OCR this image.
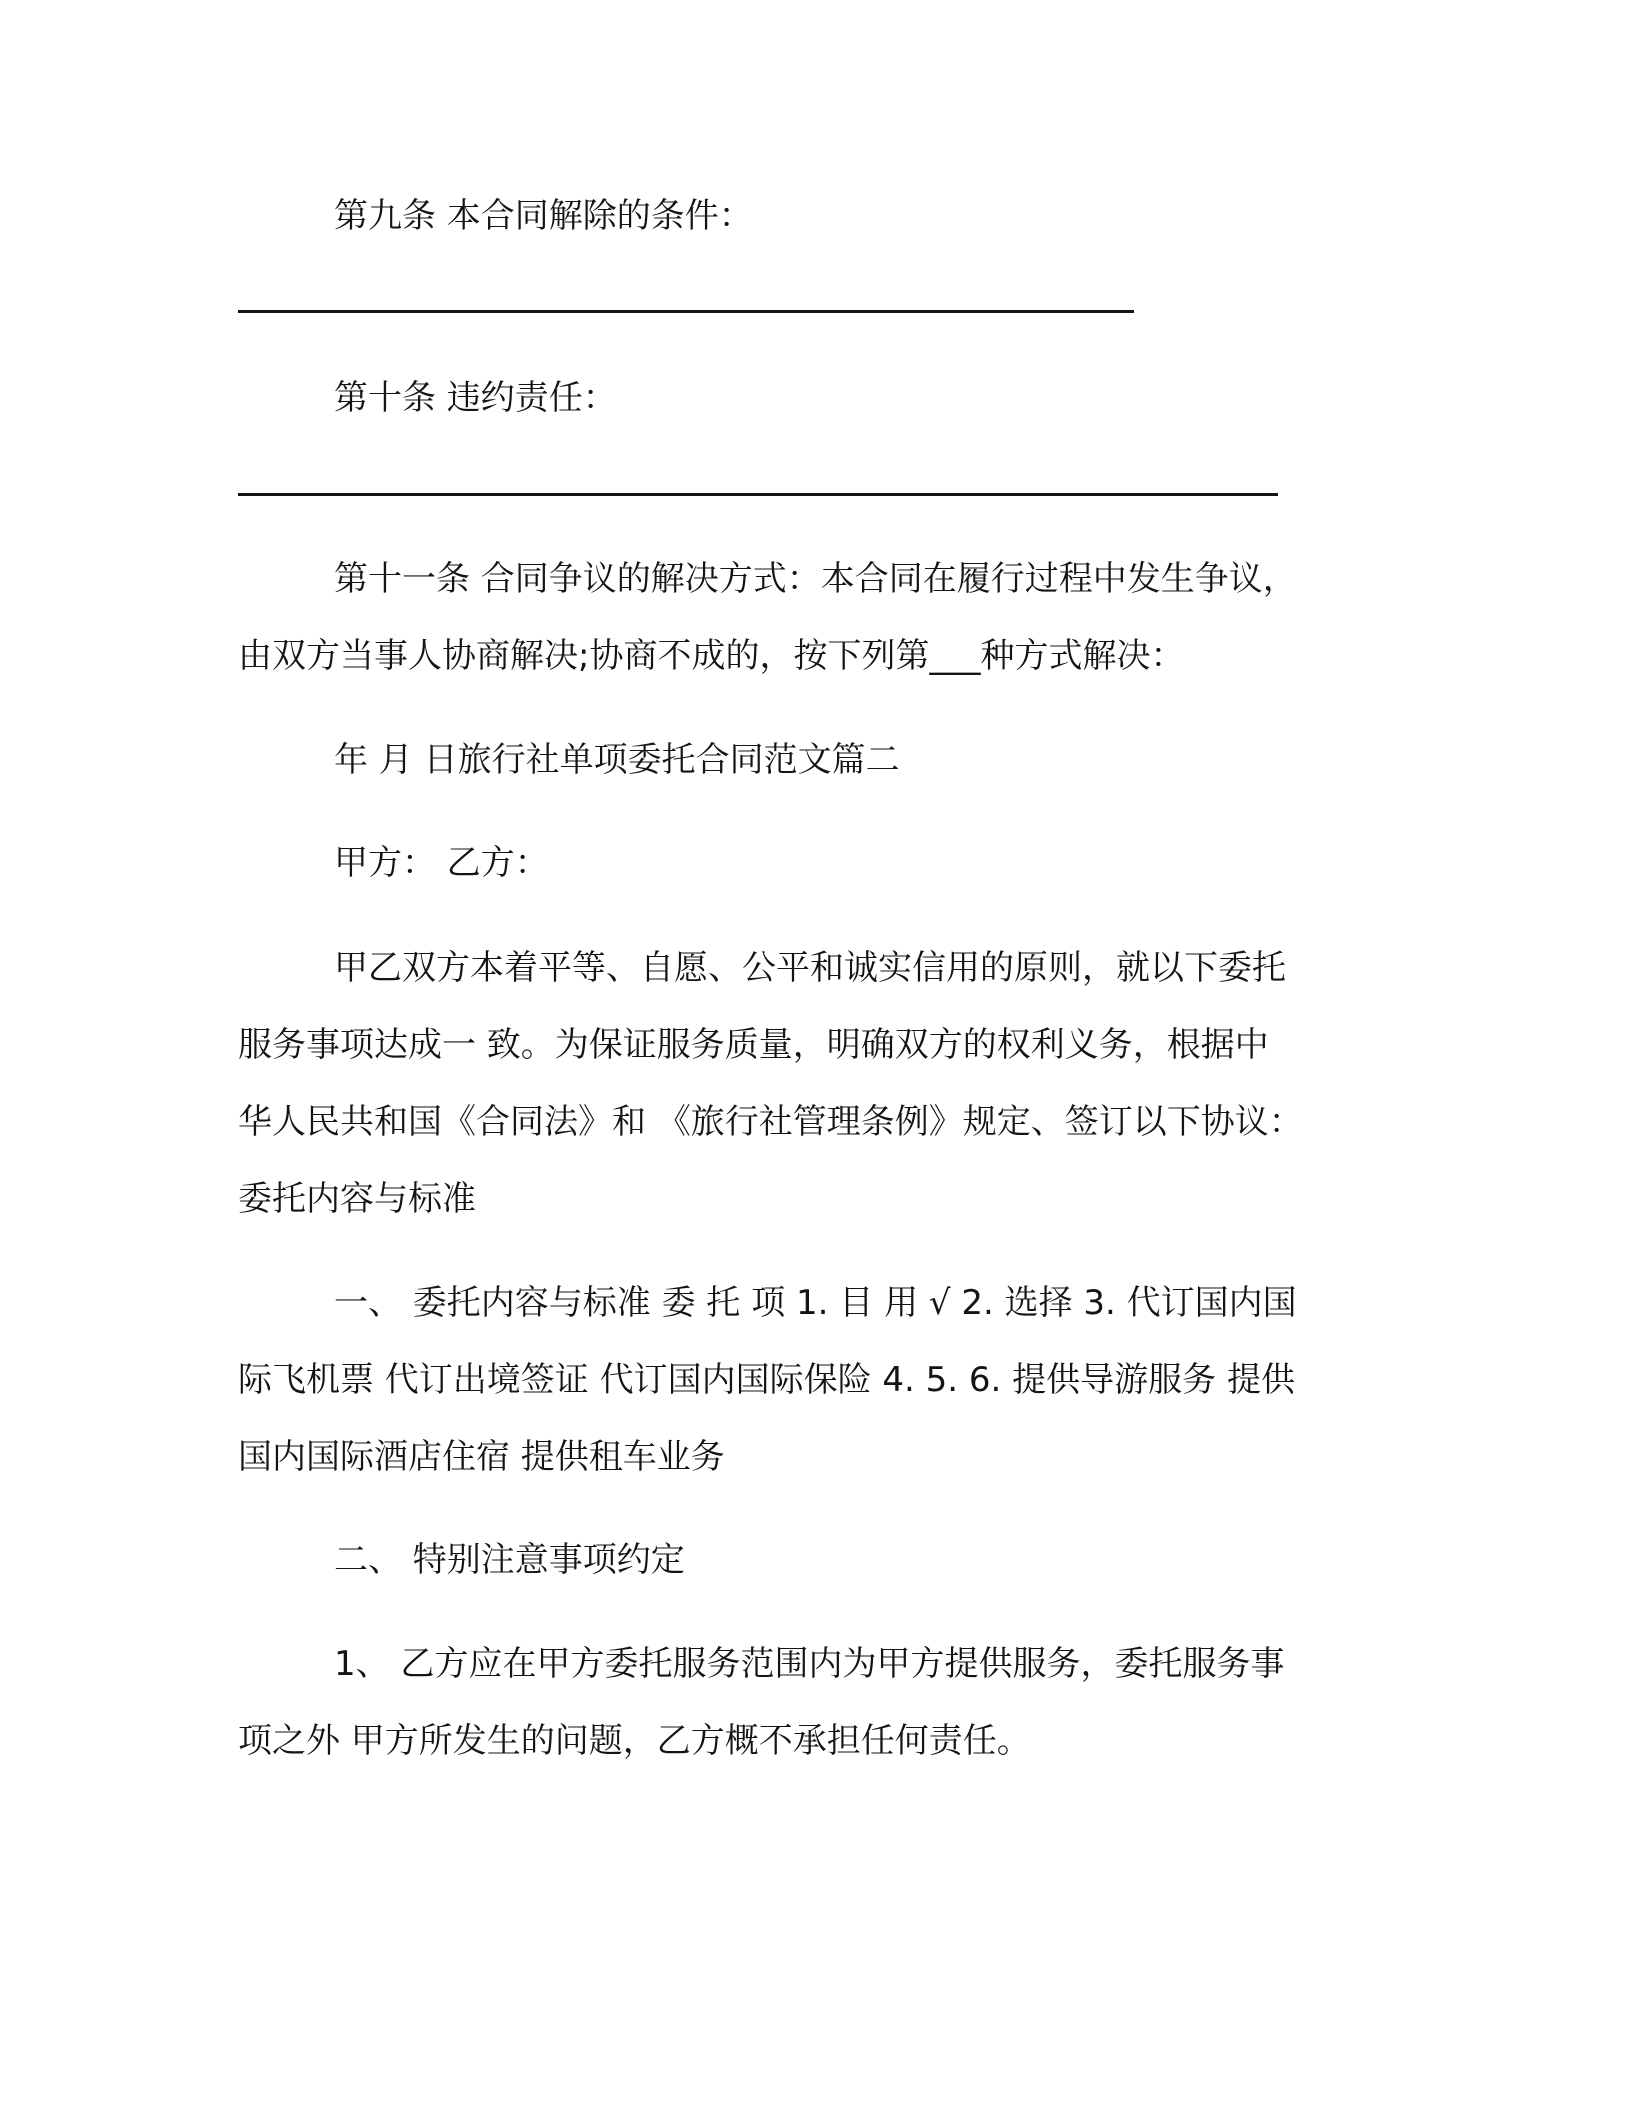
第九条 本合同解除的条件：
第十条 违约责任：
第十一条 合同争议的解决方式：本合同在履行过程中发生争议，
由双方当事人协商解决;协商不成的，按下列第___种方式解决：
年 月 日旅行社单项委托合同范文篇二
甲方： 乙方：
甲乙双方本着平等、自愿、公平和诚实信用的原则，就以下委托
服务事项达成一 致。为保证服务质量，明确双方的权利义务，根据中
华人民共和国《合同法》和 《旅行社管理条例》规定、签订以下协议：
委托内容与标准
一、 委托内容与标准 委 托 项 1. 目 用 √ 2. 选择 3. 代订国内国
际飞机票 代订出境签证 代订国内国际保险 4. 5. 6. 提供导游服务 提供
国内国际酒店住宿 提供租车业务
二、 特别注意事项约定
1、 乙方应在甲方委托服务范围内为甲方提供服务，委托服务事
项之外 甲方所发生的问题，乙方概不承担任何责任。
